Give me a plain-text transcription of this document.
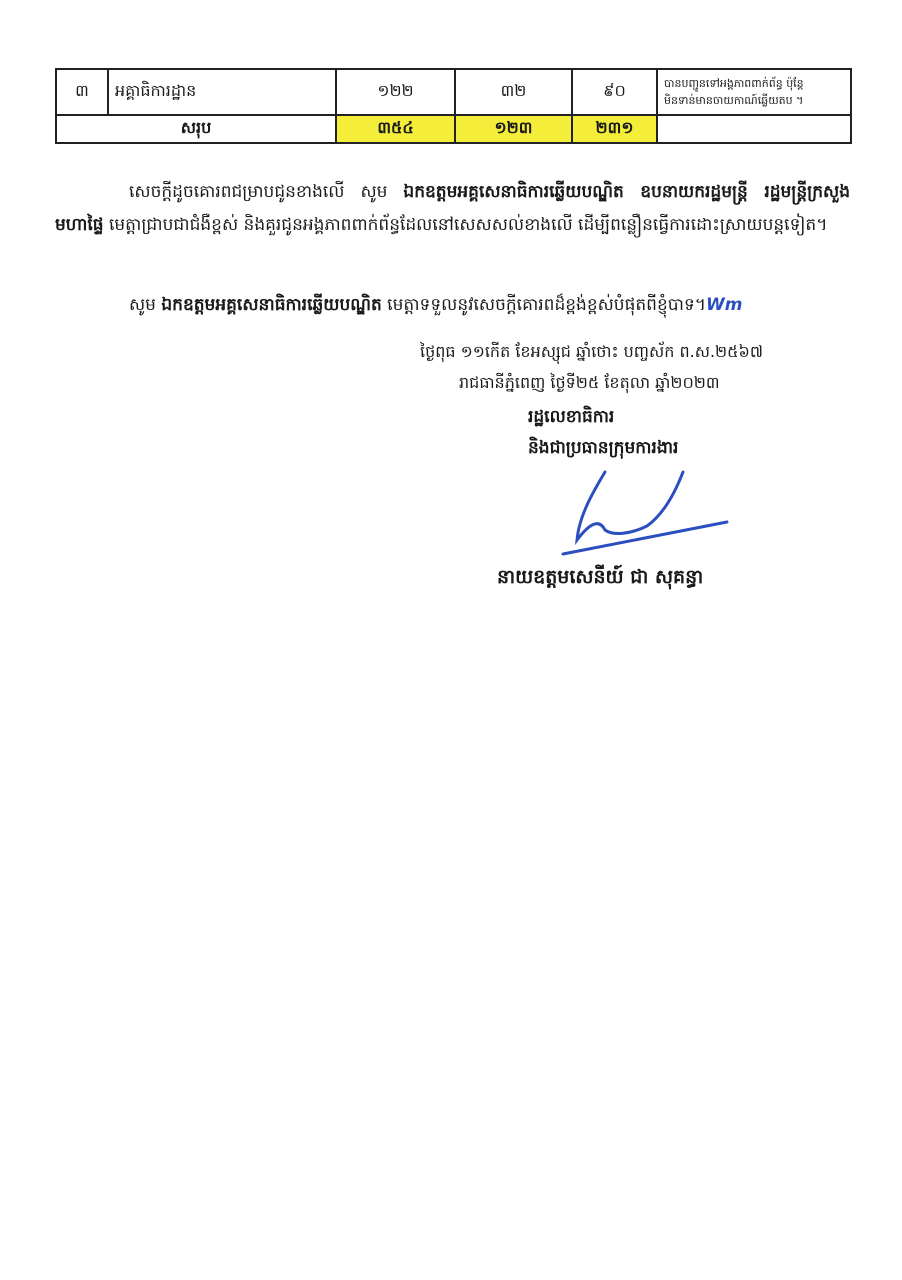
៣	អគ្គាធិការដ្ឋាន	១២២	៣២	៩០	បានបញ្ជូនទៅអង្គភាពពាក់ព័ន្ធ ប៉ុន្តែ
មិនទាន់មានចាយកាណ៍ឆ្លើយតប ។

សរុប		៣៥៤	១២៣	២៣១	
សេចក្តីដូចគោរពជម្រាបជូនខាងលើ សូម ឯកឧត្តមអគ្គសេនាធិការឆ្លើយបណ្ឌិត ឧបនាយករដ្ឋមន្ត្រី រដ្ឋមន្ត្រីក្រសួងមហាផ្ទៃ មេត្តាជ្រាបជាជំងឺខ្ពស់ និងគួរជូនអង្គភាពពាក់ព័ន្ធដែលនៅសេសសល់ខាងលើ ដើម្បីពន្លឿនធ្វើការដោះស្រាយបន្តទៀត។
សូម ឯកឧត្តមអគ្គសេនាធិការឆ្លើយបណ្ឌិត មេត្តាទទួលនូវសេចក្តីគោរពដ៏ខ្ពង់ខ្ពស់បំផុតពីខ្ញុំបាទ។Wm
ថ្ងៃពុធ ១១កើត ខែអស្សុជ ឆ្នាំថោះ បញ្ចស័ក ព.ស.២៥៦៧
រាជធានីភ្នំពេញ ថ្ងៃទី២៥ ខែតុលា ឆ្នាំ២០២៣
រដ្ឋលេខាធិការ
និងជាប្រធានក្រុមការងារ
នាយឧត្តមសេនីយ៍ ជា សុគន្ធា
